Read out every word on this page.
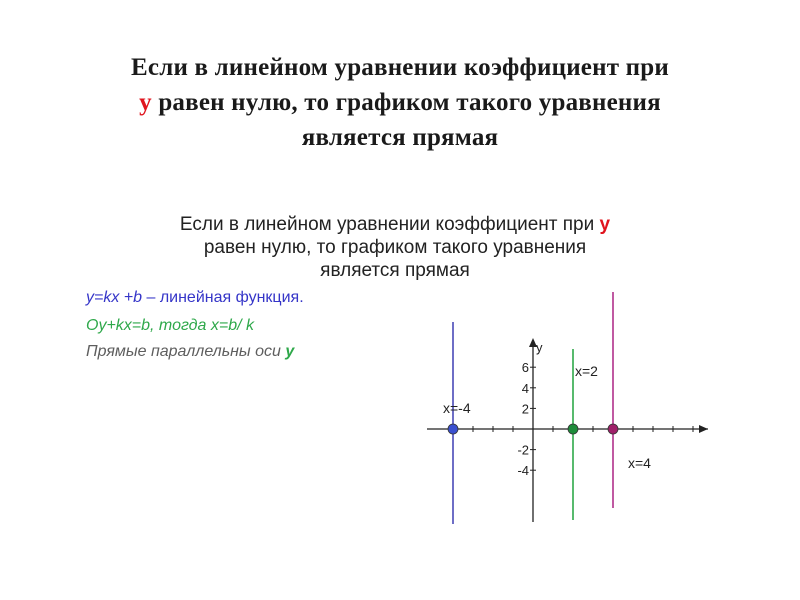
Если в линейном уравнении коэффициент при
у равен нулю, то графиком такого уравнения
является прямая
Если в линейном уравнении коэффициент при у
равен нулю, то графиком такого уравнения
является прямая
у=kx +b – линейная функция.
Оу+kx=b, тогда x=b/ k
Прямые параллельны оси у	у
6
4
2
-2
-4
x=-4
x=2
x=4
